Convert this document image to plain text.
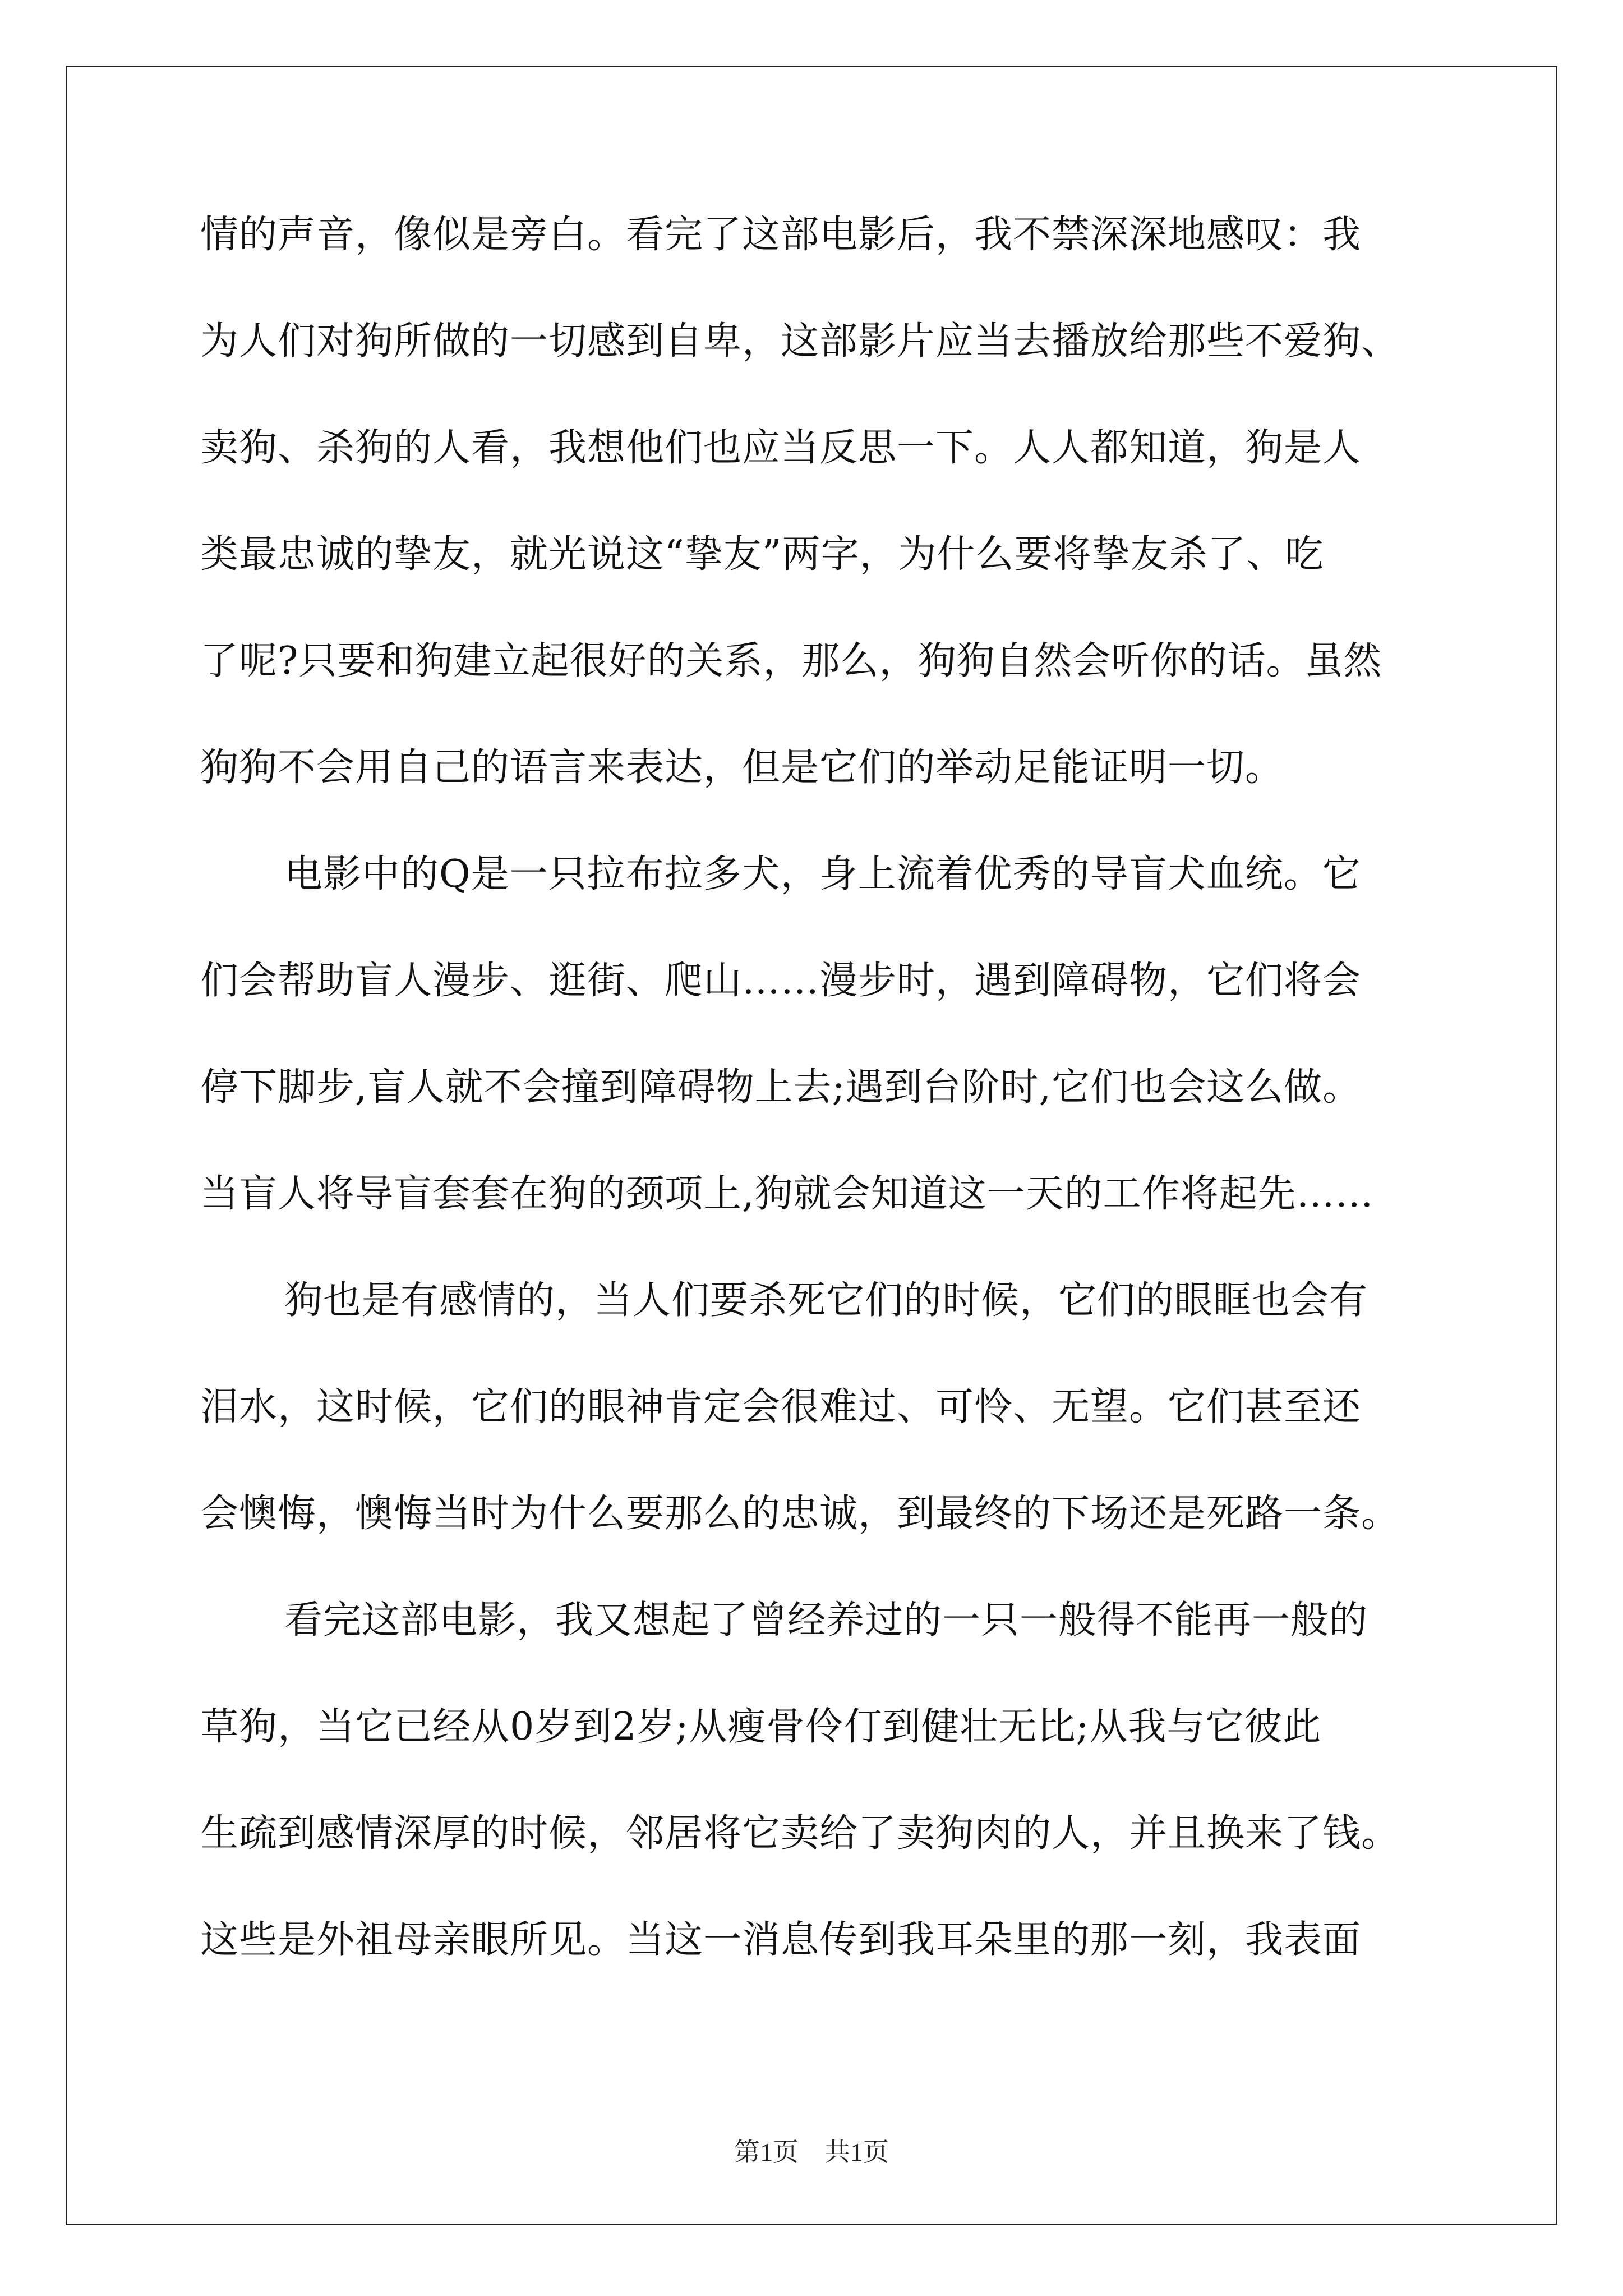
情的声音，像似是旁白。看完了这部电影后，我不禁深深地感叹：我
为人们对狗所做的一切感到自卑，这部影片应当去播放给那些不爱狗、
卖狗、杀狗的人看，我想他们也应当反思一下。人人都知道，狗是人
类最忠诚的挚友，就光说这“挚友”两字，为什么要将挚友杀了、吃
了呢?只要和狗建立起很好的关系，那么，狗狗自然会听你的话。虽然
狗狗不会用自己的语言来表达，但是它们的举动足能证明一切。
电影中的Q是一只拉布拉多犬，身上流着优秀的导盲犬血统。它
们会帮助盲人漫步、逛街、爬山……漫步时，遇到障碍物，它们将会
停下脚步,盲人就不会撞到障碍物上去;遇到台阶时,它们也会这么做。
当盲人将导盲套套在狗的颈项上,狗就会知道这一天的工作将起先……
狗也是有感情的，当人们要杀死它们的时候，它们的眼眶也会有
泪水，这时候，它们的眼神肯定会很难过、可怜、无望。它们甚至还
会懊悔，懊悔当时为什么要那么的忠诚，到最终的下场还是死路一条。
看完这部电影，我又想起了曾经养过的一只一般得不能再一般的
草狗，当它已经从0岁到2岁;从瘦骨伶仃到健壮无比;从我与它彼此
生疏到感情深厚的时候，邻居将它卖给了卖狗肉的人，并且换来了钱。
这些是外祖母亲眼所见。当这一消息传到我耳朵里的那一刻，我表面
第1页　共1页
